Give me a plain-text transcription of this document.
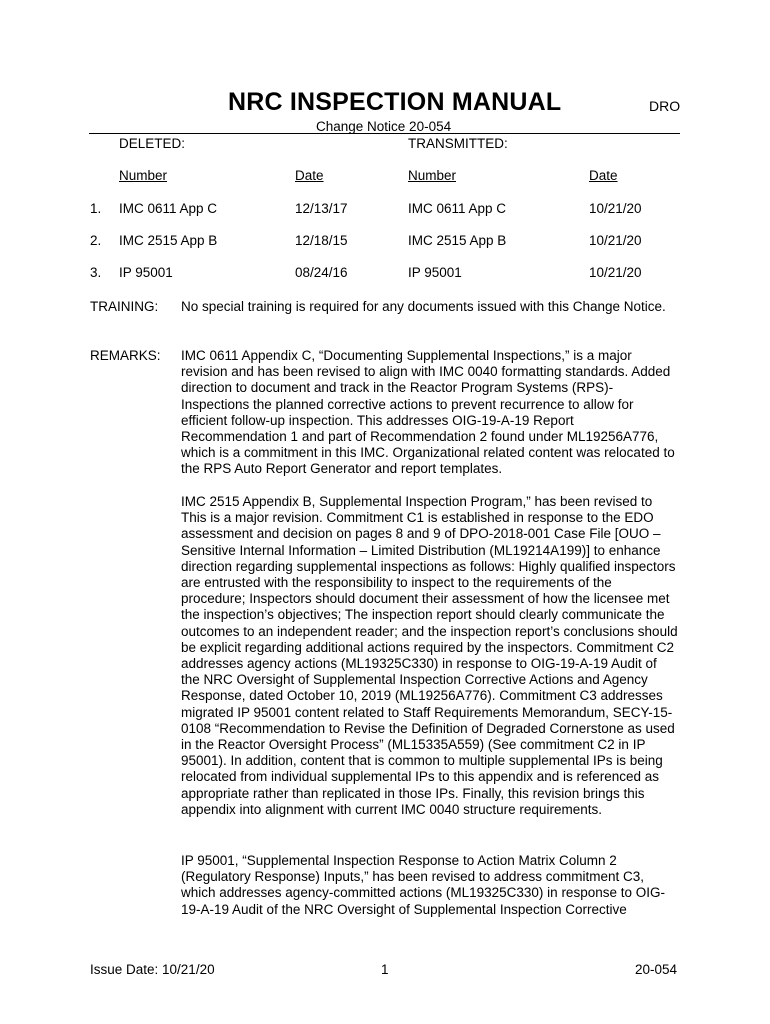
NRC INSPECTION MANUAL	DRO
Change Notice 20-054
DELETED:	TRANSMITTED:
Number	Date	Number	Date
1. IMC 0611 App C	12/13/17	IMC 0611 App C	10/21/20
2. IMC 2515 App B	12/18/15	IMC 2515 App B	10/21/20
3. IP 95001	08/24/16	IP 95001	10/21/20
TRAINING: No special training is required for any documents issued with this Change Notice.
REMARKS: IMC 0611 Appendix C, “Documenting Supplemental Inspections,” is a major revision and has been revised to align with IMC 0040 formatting standards. Added direction to document and track in the Reactor Program Systems (RPS)-Inspections the planned corrective actions to prevent recurrence to allow for efficient follow-up inspection. This addresses OIG-19-A-19 Report Recommendation 1 and part of Recommendation 2 found under ML19256A776, which is a commitment in this IMC. Organizational related content was relocated to the RPS Auto Report Generator and report templates.

IMC 2515 Appendix B, Supplemental Inspection Program,” has been revised to This is a major revision. Commitment C1 is established in response to the EDO assessment and decision on pages 8 and 9 of DPO-2018-001 Case File [OUO – Sensitive Internal Information – Limited Distribution (ML19214A199)] to enhance direction regarding supplemental inspections as follows: Highly qualified inspectors are entrusted with the responsibility to inspect to the requirements of the procedure; Inspectors should document their assessment of how the licensee met the inspection’s objectives; The inspection report should clearly communicate the outcomes to an independent reader; and the inspection report’s conclusions should be explicit regarding additional actions required by the inspectors. Commitment C2 addresses agency actions (ML19325C330) in response to OIG-19-A-19 Audit of the NRC Oversight of Supplemental Inspection Corrective Actions and Agency Response, dated October 10, 2019 (ML19256A776). Commitment C3 addresses migrated IP 95001 content related to Staff Requirements Memorandum, SECY-15-0108 “Recommendation to Revise the Definition of Degraded Cornerstone as used in the Reactor Oversight Process” (ML15335A559) (See commitment C2 in IP 95001). In addition, content that is common to multiple supplemental IPs is being relocated from individual supplemental IPs to this appendix and is referenced as appropriate rather than replicated in those IPs. Finally, this revision brings this appendix into alignment with current IMC 0040 structure requirements.

IP 95001, “Supplemental Inspection Response to Action Matrix Column 2 (Regulatory Response) Inputs,” has been revised to address commitment C3, which addresses agency-committed actions (ML19325C330) in response to OIG-19-A-19 Audit of the NRC Oversight of Supplemental Inspection Corrective

Issue Date: 10/21/20	1	20-054
